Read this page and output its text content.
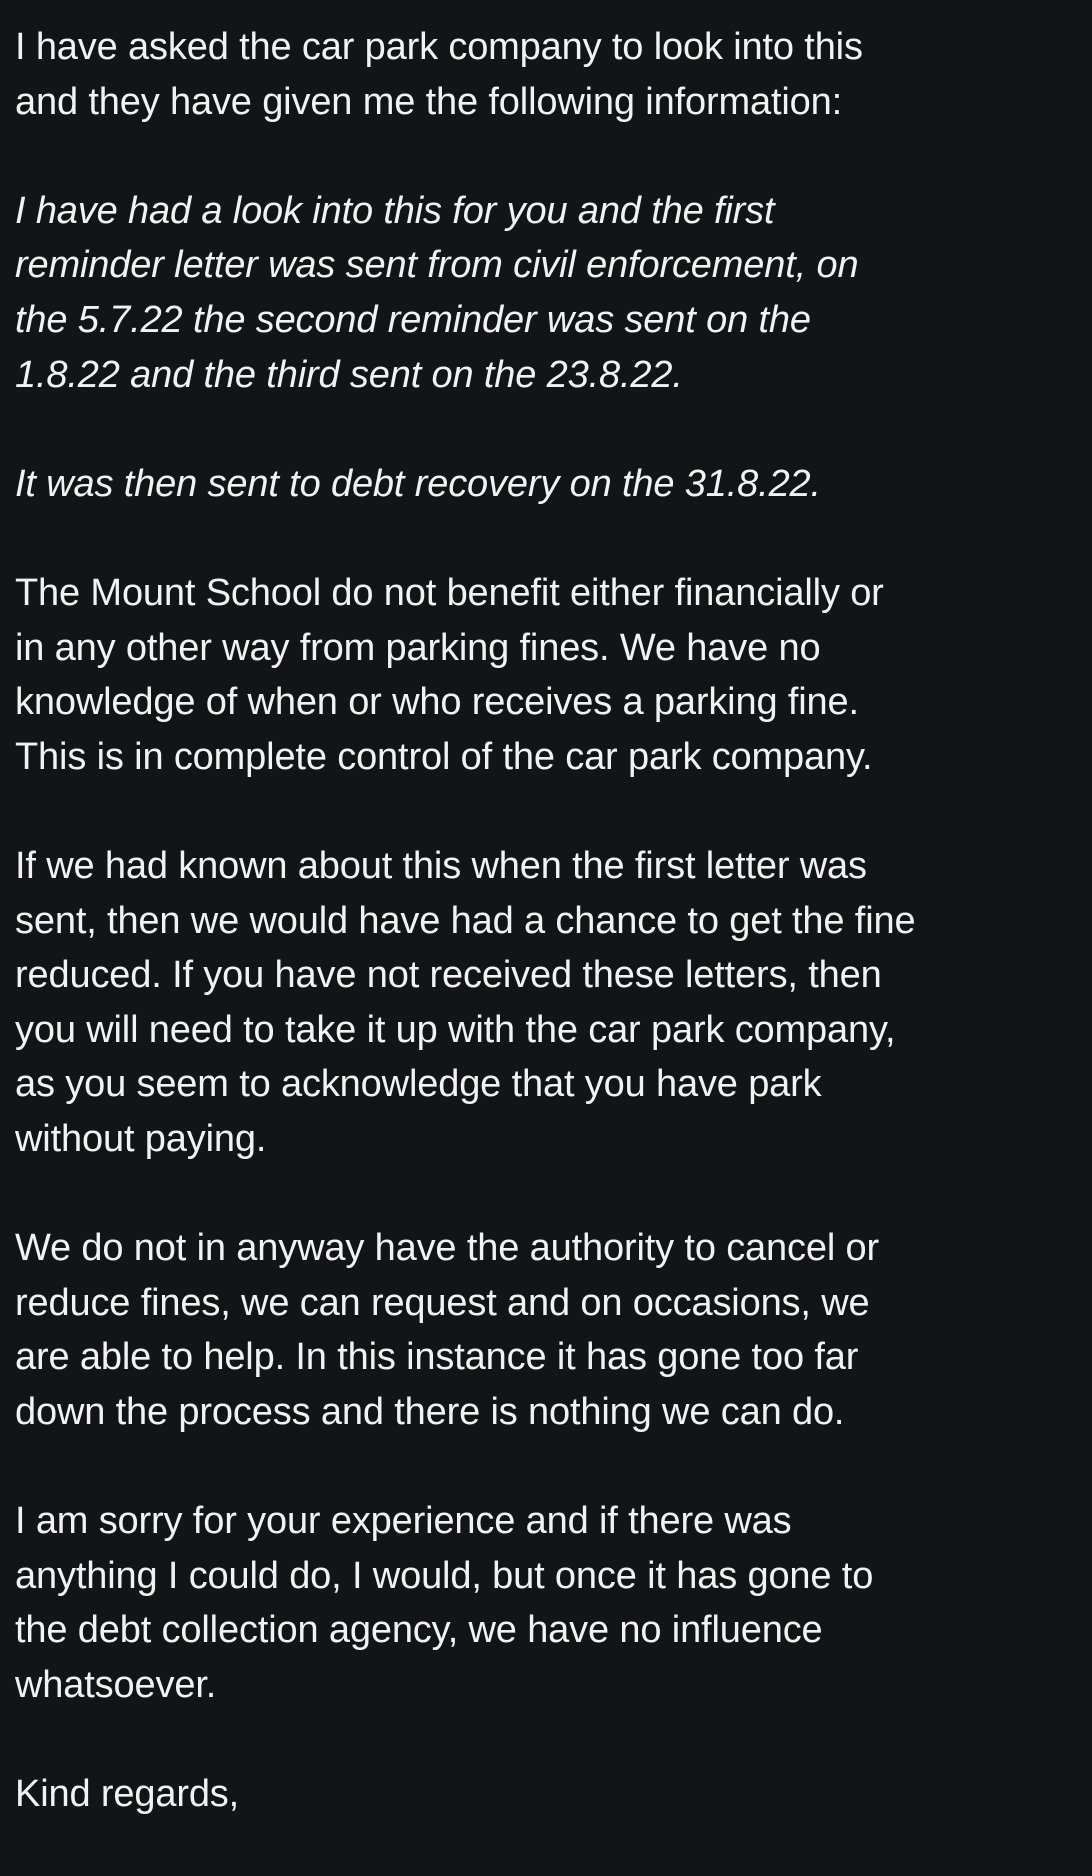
I have asked the car park company to look into this
and they have given me the following information:

I have had a look into this for you and the first
reminder letter was sent from civil enforcement, on
the 5.7.22 the second reminder was sent on the
1.8.22 and the third sent on the 23.8.22.

It was then sent to debt recovery on the 31.8.22.

The Mount School do not benefit either financially or
in any other way from parking fines. We have no
knowledge of when or who receives a parking fine.
This is in complete control of the car park company.

If we had known about this when the first letter was
sent, then we would have had a chance to get the fine
reduced. If you have not received these letters, then
you will need to take it up with the car park company,
as you seem to acknowledge that you have park
without paying.

We do not in anyway have the authority to cancel or
reduce fines, we can request and on occasions, we
are able to help. In this instance it has gone too far
down the process and there is nothing we can do.

I am sorry for your experience and if there was
anything I could do, I would, but once it has gone to
the debt collection agency, we have no influence
whatsoever.

Kind regards,
